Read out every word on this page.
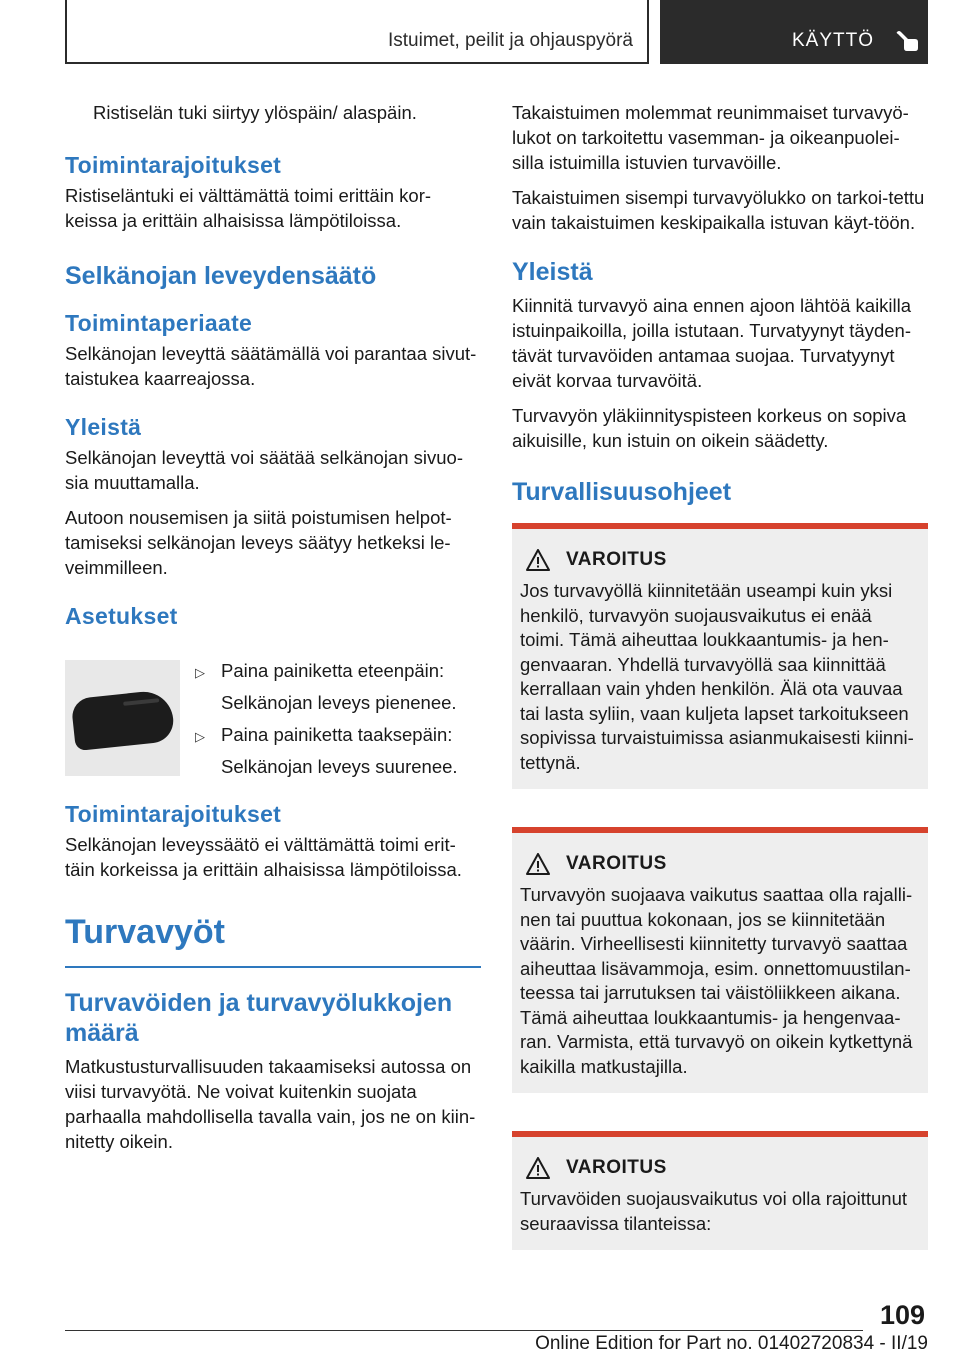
Istuimet, peilit ja ohjauspyörä	KÄYTTÖ

Ristiselän tuki siirtyy ylöspäin/ alaspäin.

Toimintarajoitukset

Ristiseläntuki ei välttämättä toimi erittäin kor-keissa ja erittäin alhaisissa lämpötiloissa.

Selkänojan leveydensäätö
Toimintaperiaate

Selkänojan leveyttä säätämällä voi parantaa sivut-taistukea kaarreajossa.

Yleistä

Selkänojan leveyttä voi säätää selkänojan sivuo-sia muuttamalla.

Autoon nousemisen ja siitä poistumisen helpot-tamiseksi selkänojan leveys säätyy hetkeksi le-veimmilleen.

Asetukset
▷ Paina painiketta eteenpäin:
Selkänojan leveys pienenee.
▷ Paina painiketta taaksepäin:
Selkänojan leveys suurenee.
Toimintarajoitukset

Selkänojan leveyssäätö ei välttämättä toimi erit-täin korkeissa ja erittäin alhaisissa lämpötiloissa.

Turvavyöt
Turvavöiden ja turvavyölukkojen määrä

Matkustusturvallisuuden takaamiseksi autossa on viisi turvavyötä. Ne voivat kuitenkin suojata parhaalla mahdollisella tavalla vain, jos ne on kiin-nitetty oikein.

Takaistuimen molemmat reunimmaiset turvavyö-lukot on tarkoitettu vasemman- ja oikeanpuolei-silla istuimilla istuvien turvavöille.

Takaistuimen sisempi turvavyölukko on tarkoi-tettu vain takaistuimen keskipaikalla istuvan käyt-töön.

Yleistä

Kiinnitä turvavyö aina ennen ajoon lähtöä kaikilla istuinpaikoilla, joilla istutaan. Turvatyynyt täyden-tävät turvavöiden antamaa suojaa. Turvatyynyt eivät korvaa turvavöitä.

Turvavyön yläkiinnityspisteen korkeus on sopiva aikuisille, kun istuin on oikein säädetty.

Turvallisuusohjeet
VAROITUS

Jos turvavyöllä kiinnitetään useampi kuin yksi henkilö, turvavyön suojausvaikutus ei enää toimi. Tämä aiheuttaa loukkaantumis- ja hen-genvaaran. Yhdellä turvavyöllä saa kiinnittää kerrallaan vain yhden henkilön. Älä ota vauvaa tai lasta syliin, vaan kuljeta lapset tarkoitukseen sopivissa turvaistuimissa asianmukaisesti kiinni-tettynä.

VAROITUS

Turvavyön suojaava vaikutus saattaa olla rajalli-nen tai puuttua kokonaan, jos se kiinnitetään väärin. Virheellisesti kiinnitetty turvavyö saattaa aiheuttaa lisävammoja, esim. onnettomuustilan-teessa tai jarrutuksen tai väistöliikkeen aikana. Tämä aiheuttaa loukkaantumis- ja hengenvaa-ran. Varmista, että turvavyö on oikein kytkettynä kaikilla matkustajilla.

VAROITUS

Turvavöiden suojausvaikutus voi olla rajoittunut seuraavissa tilanteissa:

109
Online Edition for Part no. 01402720834 - II/19
